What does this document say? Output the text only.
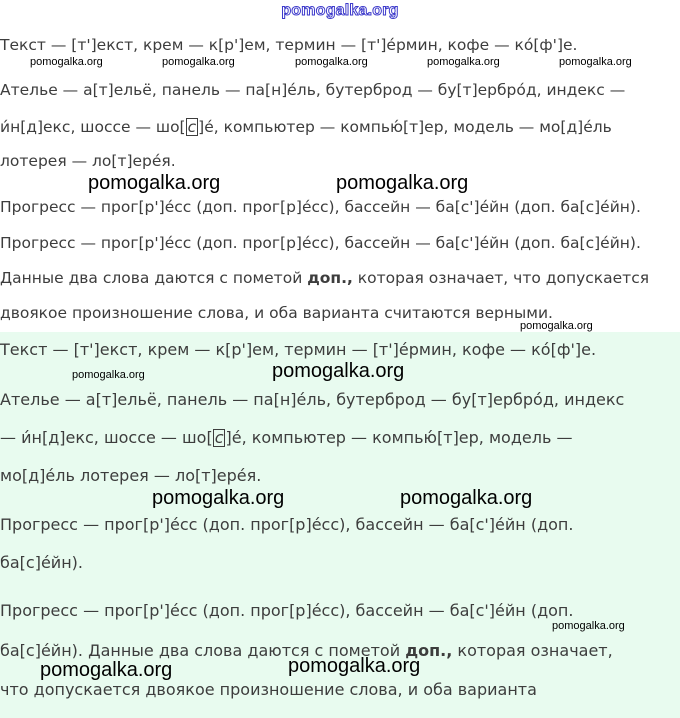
pomogalka.org
Текст — [т']екст, крем — к[р']ем, термин — [т']е́рмин, кофе — ко́[ф']е.
pomogalka.org	pomogalka.org	pomogalka.org	pomogalka.org	pomogalka.org
Ателье — а[т]ельё, панель — па[н]е́ль, бутерброд — бу[т]ербро́д, индекс —
и́н[д]екс, шоссе — шо[ с ]е́, компьютер — компью́[т]ер, модель — мо[д]е́ль
лотерея — ло[т]ере́я.
pomogalka.org	pomogalka.org
Прогресс — прог[р']е́сс (доп. прог[р]е́сс), бассейн — ба[с']е́йн (доп. ба[с]е́йн).
Прогресс — прог[р']е́сс (доп. прог[р]е́сс), бассейн — ба[с']е́йн (доп. ба[с]е́йн).
Данные два слова даются с пометой доп., которая означает, что допускается
двоякое произношение слова, и оба варианта считаются верными.
pomogalka.org
Текст — [т']екст, крем — к[р']ем, термин — [т']е́рмин, кофе — ко́[ф']е.
pomogalka.org	pomogalka.org
Ателье — а[т]ельё, панель — па[н]е́ль, бутерброд — бу[т]ербро́д, индекс
— и́н[д]екс, шоссе — шо[ с ]е́, компьютер — компью́[т]ер, модель —
мо[д]е́ль лотерея — ло[т]ере́я.
pomogalka.org	pomogalka.org
Прогресс — прог[р']е́сс (доп. прог[р]е́сс), бассейн — ба[с']е́йн (доп.
ба[с]е́йн).
Прогресс — прог[р']е́сс (доп. прог[р]е́сс), бассейн — ба[с']е́йн (доп.
pomogalka.org
ба[с]е́йн). Данные два слова даются с пометой доп., которая означает,
pomogalka.org	pomogalka.org
что допускается двоякое произношение слова, и оба варианта
